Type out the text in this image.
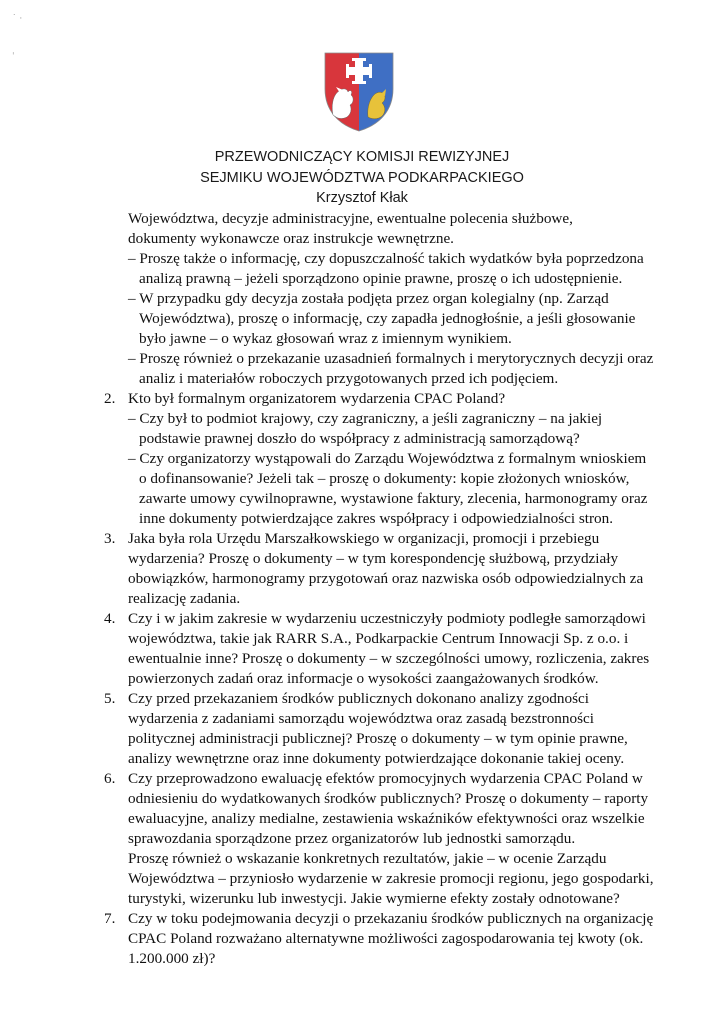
˙ ·
ˈ
PRZEWODNICZĄCY KOMISJI REWIZYJNEJ
SEJMIKU WOJEWÓDZTWA PODKARPACKIEGO
Krzysztof Kłak
Województwa, decyzje administracyjne, ewentualne polecenia służbowe,
dokumenty wykonawcze oraz instrukcje wewnętrzne.
– Proszę także o informację, czy dopuszczalność takich wydatków była poprzedzona
analizą prawną – jeżeli sporządzono opinie prawne, proszę o ich udostępnienie.
– W przypadku gdy decyzja została podjęta przez organ kolegialny (np. Zarząd
Województwa), proszę o informację, czy zapadła jednogłośnie, a jeśli głosowanie
było jawne – o wykaz głosowań wraz z imiennym wynikiem.
– Proszę również o przekazanie uzasadnień formalnych i merytorycznych decyzji oraz
analiz i materiałów roboczych przygotowanych przed ich podjęciem.
2. Kto był formalnym organizatorem wydarzenia CPAC Poland?
– Czy był to podmiot krajowy, czy zagraniczny, a jeśli zagraniczny – na jakiej
podstawie prawnej doszło do współpracy z administracją samorządową?
– Czy organizatorzy wystąpowali do Zarządu Województwa z formalnym wnioskiem
o dofinansowanie? Jeżeli tak – proszę o dokumenty: kopie złożonych wniosków,
zawarte umowy cywilnoprawne, wystawione faktury, zlecenia, harmonogramy oraz
inne dokumenty potwierdzające zakres współpracy i odpowiedzialności stron.
3. Jaka była rola Urzędu Marszałkowskiego w organizacji, promocji i przebiegu
wydarzenia? Proszę o dokumenty – w tym korespondencję służbową, przydziały
obowiązków, harmonogramy przygotowań oraz nazwiska osób odpowiedzialnych za
realizację zadania.
4. Czy i w jakim zakresie w wydarzeniu uczestniczyły podmioty podległe samorządowi
województwa, takie jak RARR S.A., Podkarpackie Centrum Innowacji Sp. z o.o. i
ewentualnie inne? Proszę o dokumenty – w szczególności umowy, rozliczenia, zakres
powierzonych zadań oraz informacje o wysokości zaangażowanych środków.
5. Czy przed przekazaniem środków publicznych dokonano analizy zgodności
wydarzenia z zadaniami samorządu województwa oraz zasadą bezstronności
politycznej administracji publicznej? Proszę o dokumenty – w tym opinie prawne,
analizy wewnętrzne oraz inne dokumenty potwierdzające dokonanie takiej oceny.
6. Czy przeprowadzono ewaluację efektów promocyjnych wydarzenia CPAC Poland w
odniesieniu do wydatkowanych środków publicznych? Proszę o dokumenty – raporty
ewaluacyjne, analizy medialne, zestawienia wskaźników efektywności oraz wszelkie
sprawozdania sporządzone przez organizatorów lub jednostki samorządu.
Proszę również o wskazanie konkretnych rezultatów, jakie – w ocenie Zarządu
Województwa – przyniosło wydarzenie w zakresie promocji regionu, jego gospodarki,
turystyki, wizerunku lub inwestycji. Jakie wymierne efekty zostały odnotowane?
7. Czy w toku podejmowania decyzji o przekazaniu środków publicznych na organizację
CPAC Poland rozważano alternatywne możliwości zagospodarowania tej kwoty (ok.
1.200.000 zł)?
